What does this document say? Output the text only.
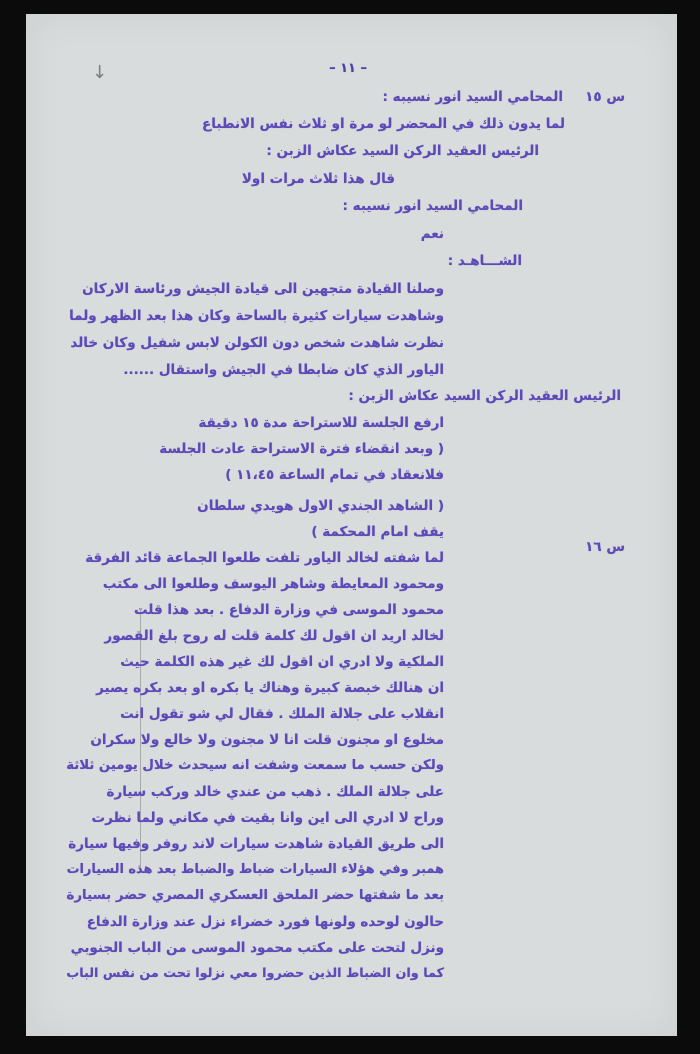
↓	– ١١ –
س ١٥
س ١٦
المحامي السيد انور نسيبه :
لما يدون ذلك في المحضر لو مرة او ثلاث نفس الانطباع
الرئيس العقيد الركن السيد عكاش الزبن :
قال هذا ثلاث مرات اولا
المحامي السيد انور نسيبه :
نعم
الشـــاهـد :
وصلنا القيادة متجهين الى قيادة الجيش ورئاسة الاركان
وشاهدت سيارات كثيرة بالساحة وكان هذا بعد الظهر ولما
نظرت شاهدت شخص دون الكولن لابس شفيل وكان خالد
الياور الذي كان ضابطا في الجيش واستقال ......
الرئيس العقيد الركن السيد عكاش الزبن :
ارفع الجلسة للاستراحة مدة ١٥ دقيقة
( وبعد انقضاء فترة الاستراحة عادت الجلسة
فلانعقاد في تمام الساعة ١١،٤٥ )
( الشاهد الجندي الاول هويدي سلطان
يقف امام المحكمة )
لما شفته لخالد الياور تلفت طلعوا الجماعة قائد الفرقة
ومحمود المعايطة وشاهر اليوسف وطلعوا الى مكتب
محمود الموسى في وزارة الدفاع . بعد هذا قلت
لخالد اريد ان اقول لك كلمة قلت له روح بلغ القصور
الملكية ولا ادري ان اقول لك غير هذه الكلمة حيث
ان هنالك خبصة كبيرة وهناك يا بكره او بعد بكره يصير
انقلاب على جلالة الملك . فقال لي شو تقول انت
مخلوع او مجنون قلت انا لا مجنون ولا خالع ولا سكران
ولكن حسب ما سمعت وشفت انه سيحدث خلال يومين ثلاثة
على جلالة الملك . ذهب من عندي خالد وركب سيارة
وراح لا ادري الى اين وانا بقيت في مكاني ولما نظرت
الى طريق القيادة شاهدت سيارات لاند روفر وفيها سيارة
همبر وفي هؤلاء السيارات ضباط والضباط بعد هذه السيارات
بعد ما شفتها حضر الملحق العسكري المصري حضر بسيارة
حالون لوحده ولونها فورد خضراء نزل عند وزارة الدفاع
ونزل لتحت على مكتب محمود الموسى من الباب الجنوبي
كما وان الضباط الذين حضروا معي نزلوا تحت من نفس الباب
